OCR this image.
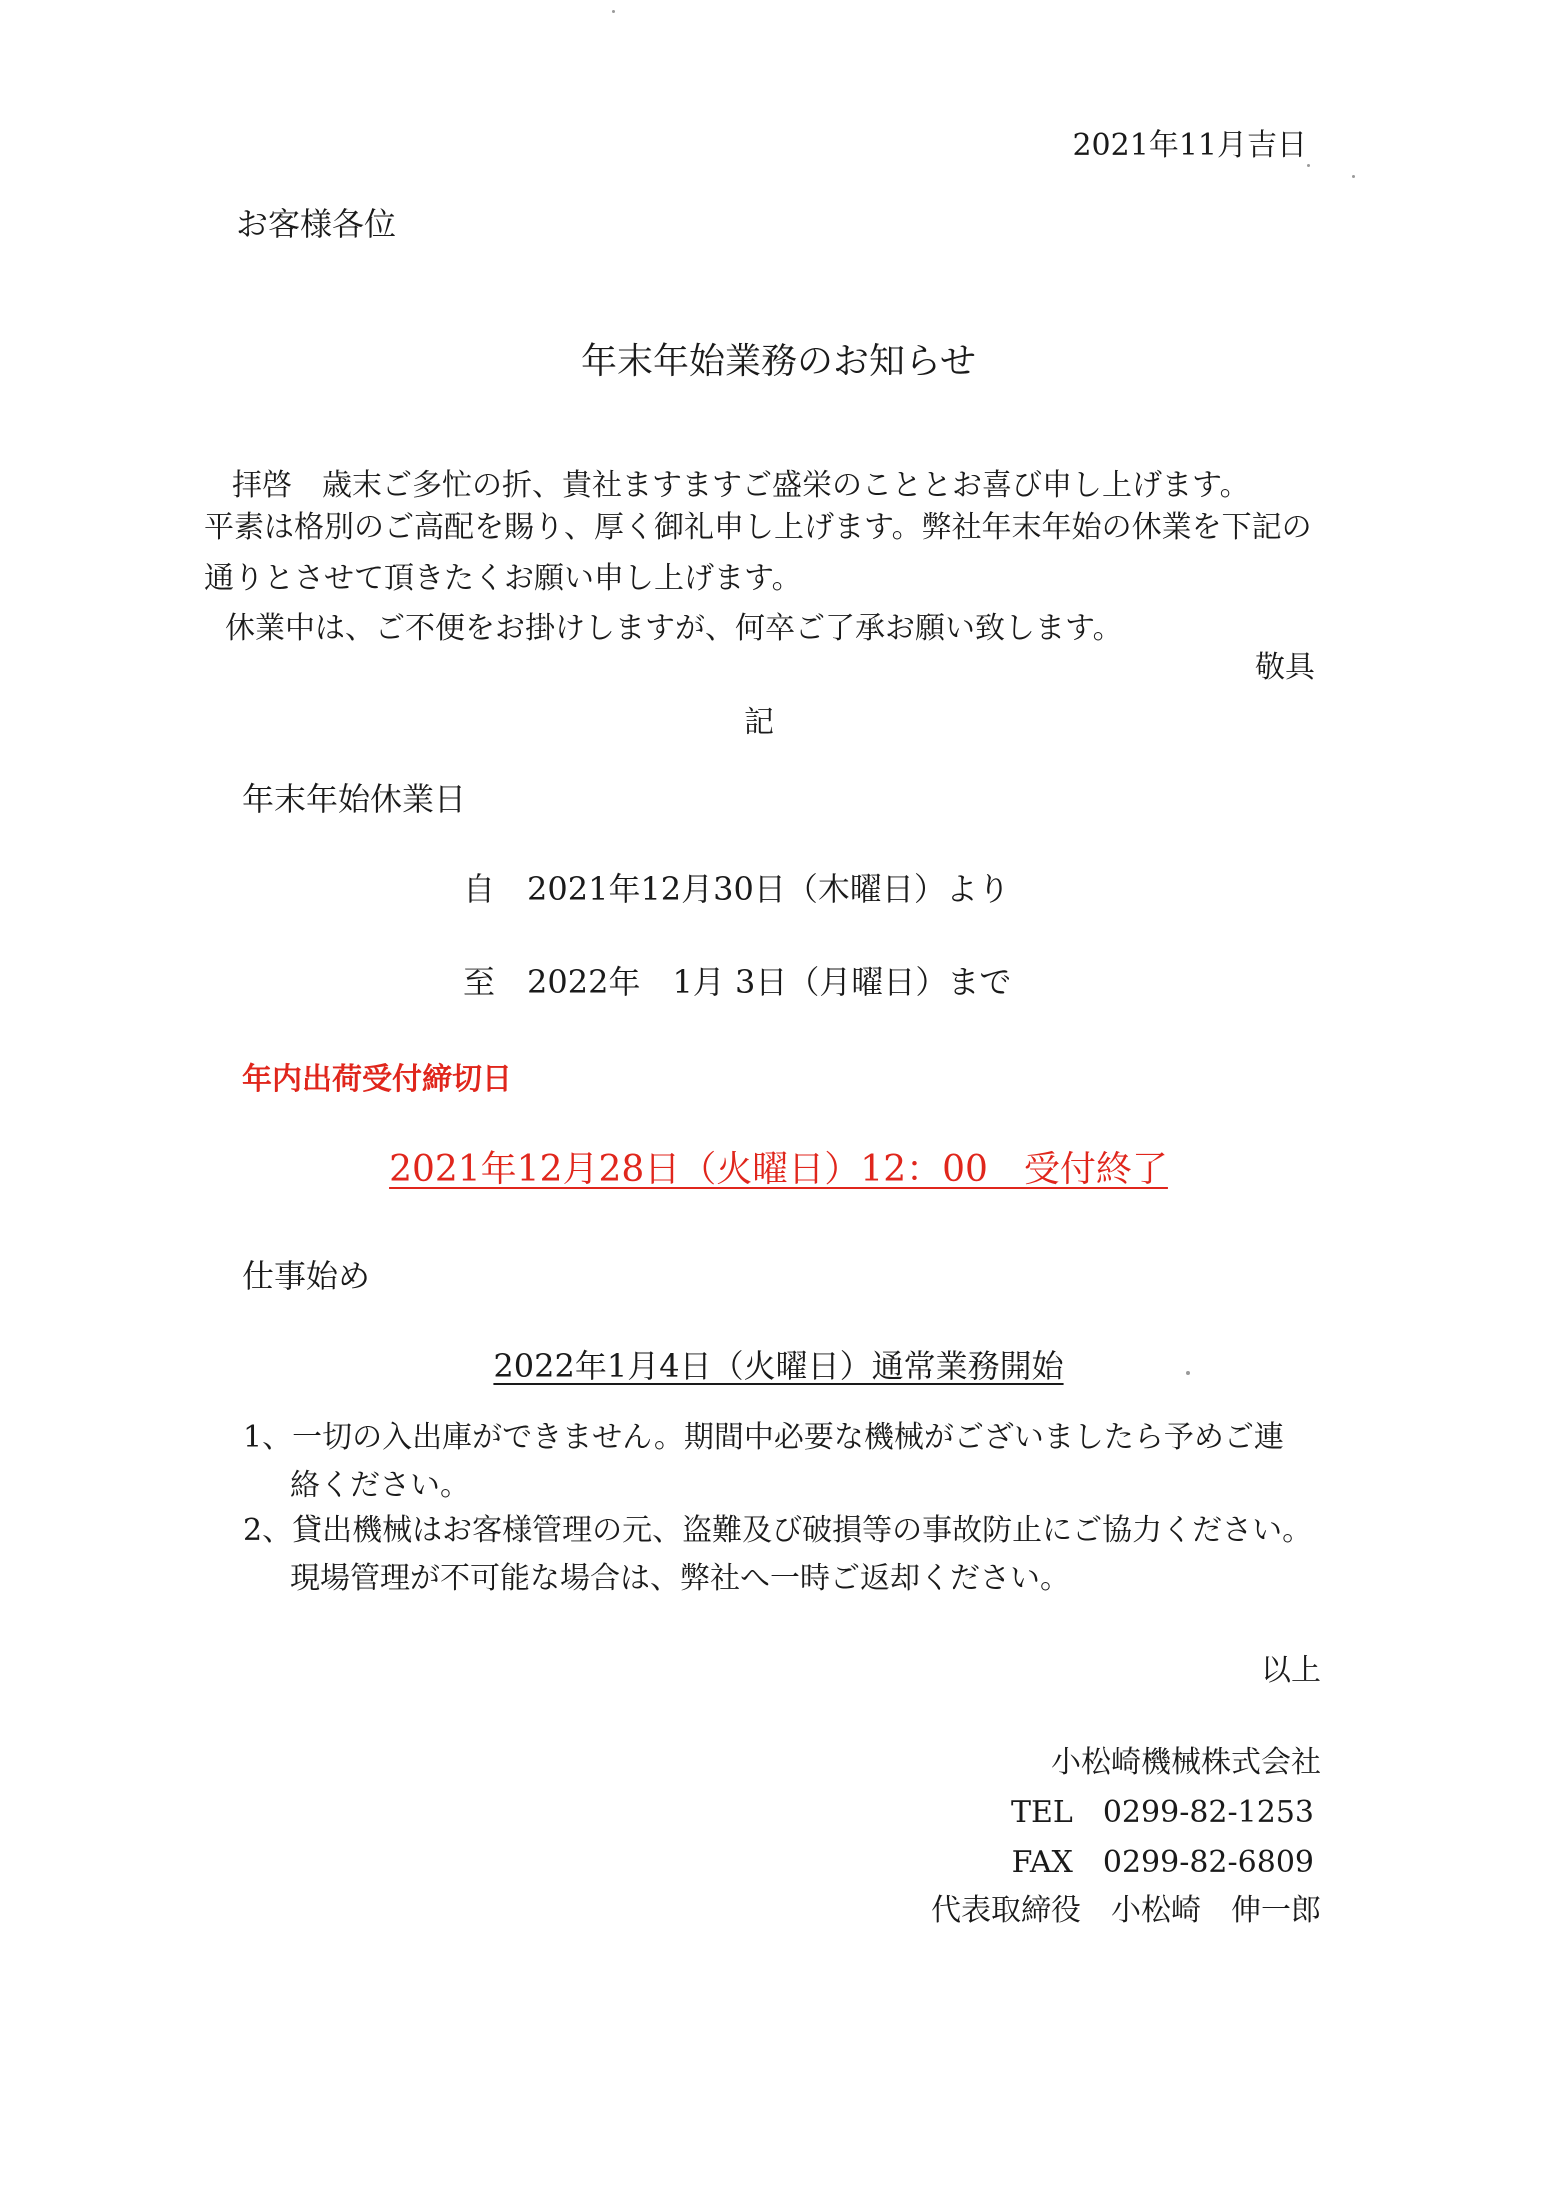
2021年11月吉日
お客様各位
年末年始業務のお知らせ
拝啓　歳末ご多忙の折、貴社ますますご盛栄のこととお喜び申し上げます。
平素は格別のご高配を賜り、厚く御礼申し上げます。弊社年末年始の休業を下記の
通りとさせて頂きたくお願い申し上げます。
休業中は、ご不便をお掛けしますが、何卒ご了承お願い致します。
敬具
記
年末年始休業日
自　2021年12月30日（木曜日）より
至　2022年　1月 3日（月曜日）まで
年内出荷受付締切日
2021年12月28日（火曜日）12：00　受付終了
仕事始め
2022年1月4日（火曜日）通常業務開始
1、一切の入出庫ができません。期間中必要な機械がございましたら予めご連
絡ください。
2、貸出機械はお客様管理の元、盗難及び破損等の事故防止にご協力ください。
現場管理が不可能な場合は、弊社へ一時ご返却ください。
以上
小松崎機械株式会社
TEL　0299-82-1253
FAX　0299-82-6809
代表取締役　小松崎　伸一郎
